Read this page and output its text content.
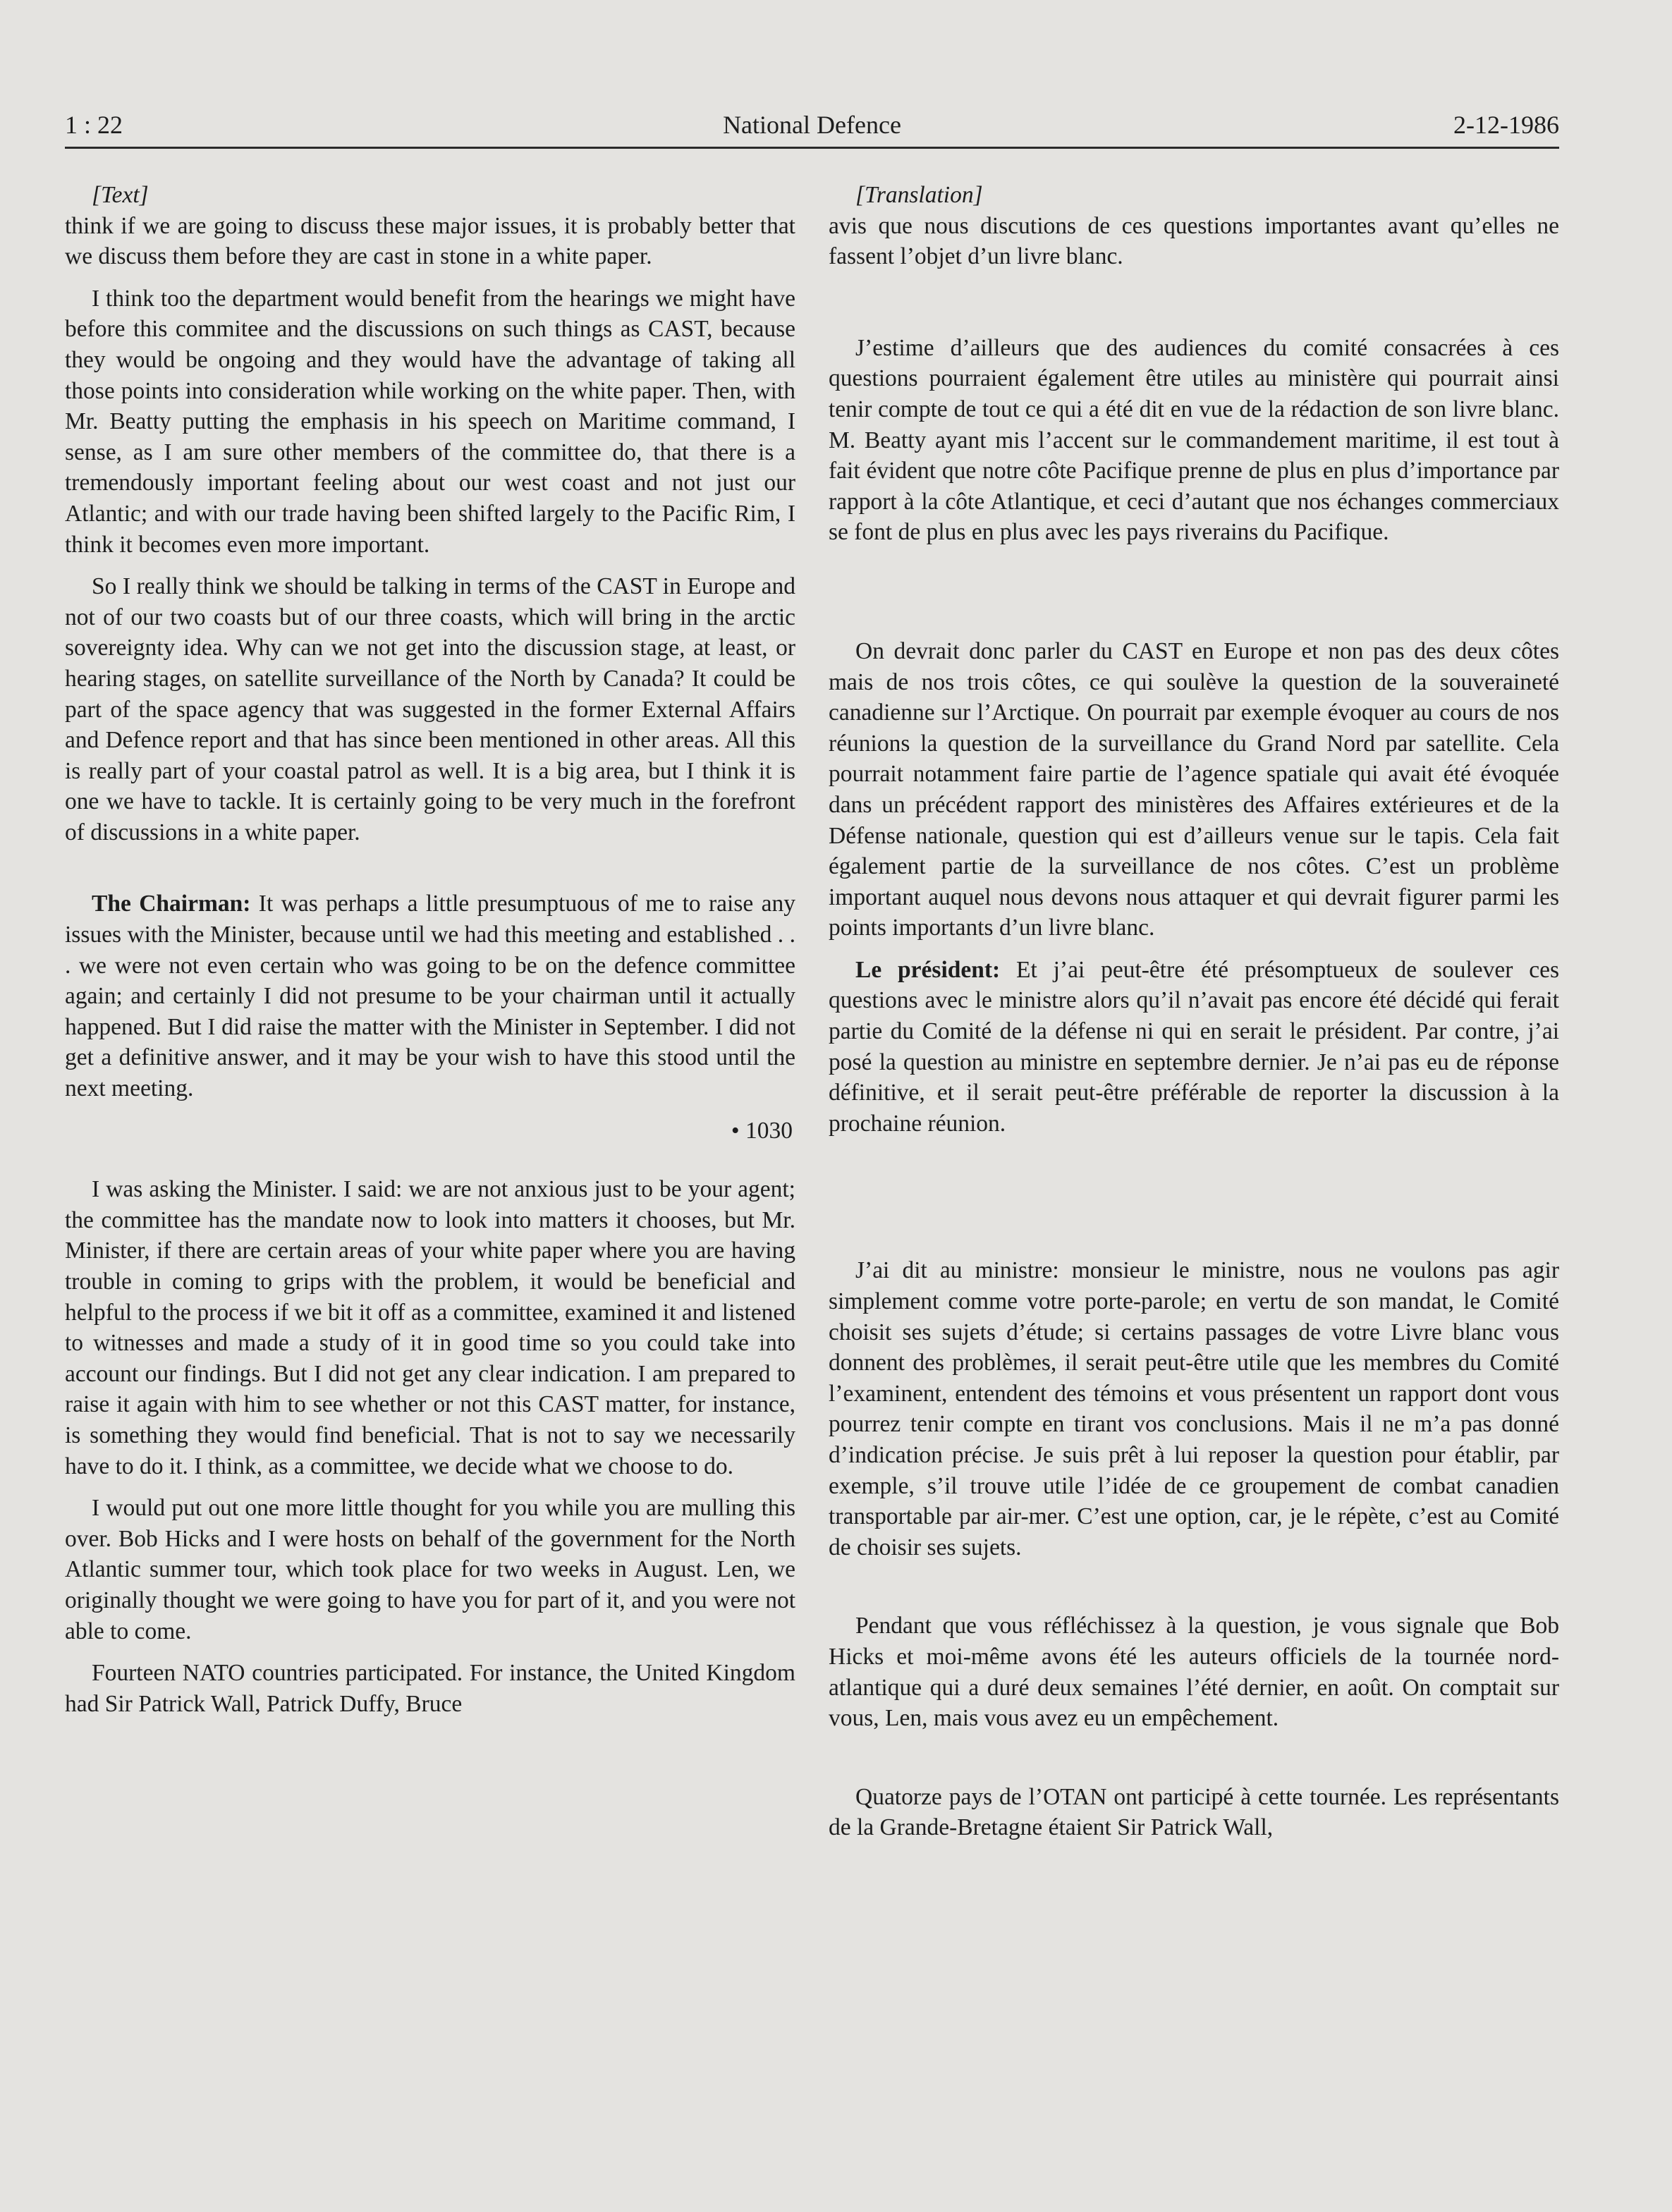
1 : 22	National Defence	2-12-1986

[Text]

think if we are going to discuss these major issues, it is probably better that we discuss them before they are cast in stone in a white paper.

I think too the department would benefit from the hearings we might have before this commitee and the discussions on such things as CAST, because they would be ongoing and they would have the advantage of taking all those points into consideration while working on the white paper. Then, with Mr. Beatty putting the emphasis in his speech on Maritime command, I sense, as I am sure other members of the committee do, that there is a tremendously important feeling about our west coast and not just our Atlantic; and with our trade having been shifted largely to the Pacific Rim, I think it becomes even more important.

So I really think we should be talking in terms of the CAST in Europe and not of our two coasts but of our three coasts, which will bring in the arctic sovereignty idea. Why can we not get into the discussion stage, at least, or hearing stages, on satellite surveillance of the North by Canada? It could be part of the space agency that was suggested in the former External Affairs and Defence report and that has since been mentioned in other areas. All this is really part of your coastal patrol as well. It is a big area, but I think it is one we have to tackle. It is certainly going to be very much in the forefront of discussions in a white paper.

The Chairman: It was perhaps a little presumptuous of me to raise any issues with the Minister, because until we had this meeting and established . . . we were not even certain who was going to be on the defence committee again; and certainly I did not presume to be your chairman until it actually happened. But I did raise the matter with the Minister in September. I did not get a definitive answer, and it may be your wish to have this stood until the next meeting.

• 1030

I was asking the Minister. I said: we are not anxious just to be your agent; the committee has the mandate now to look into matters it chooses, but Mr. Minister, if there are certain areas of your white paper where you are having trouble in coming to grips with the problem, it would be beneficial and helpful to the process if we bit it off as a committee, examined it and listened to witnesses and made a study of it in good time so you could take into account our findings. But I did not get any clear indication. I am prepared to raise it again with him to see whether or not this CAST matter, for instance, is something they would find beneficial. That is not to say we necessarily have to do it. I think, as a committee, we decide what we choose to do.

I would put out one more little thought for you while you are mulling this over. Bob Hicks and I were hosts on behalf of the government for the North Atlantic summer tour, which took place for two weeks in August. Len, we originally thought we were going to have you for part of it, and you were not able to come.

Fourteen NATO countries participated. For instance, the United Kingdom had Sir Patrick Wall, Patrick Duffy, Bruce

[Translation]

avis que nous discutions de ces questions importantes avant qu’elles ne fassent l’objet d’un livre blanc.

J’estime d’ailleurs que des audiences du comité consacrées à ces questions pourraient également être utiles au ministère qui pourrait ainsi tenir compte de tout ce qui a été dit en vue de la rédaction de son livre blanc. M. Beatty ayant mis l’accent sur le commandement maritime, il est tout à fait évident que notre côte Pacifique prenne de plus en plus d’importance par rapport à la côte Atlantique, et ceci d’autant que nos échanges commerciaux se font de plus en plus avec les pays riverains du Pacifique.

On devrait donc parler du CAST en Europe et non pas des deux côtes mais de nos trois côtes, ce qui soulève la question de la souveraineté canadienne sur l’Arctique. On pourrait par exemple évoquer au cours de nos réunions la question de la surveillance du Grand Nord par satellite. Cela pourrait notamment faire partie de l’agence spatiale qui avait été évoquée dans un précédent rapport des ministères des Affaires extérieures et de la Défense nationale, question qui est d’ailleurs venue sur le tapis. Cela fait également partie de la surveillance de nos côtes. C’est un problème important auquel nous devons nous attaquer et qui devrait figurer parmi les points importants d’un livre blanc.

Le président: Et j’ai peut-être été présomptueux de soulever ces questions avec le ministre alors qu’il n’avait pas encore été décidé qui ferait partie du Comité de la défense ni qui en serait le président. Par contre, j’ai posé la question au ministre en septembre dernier. Je n’ai pas eu de réponse définitive, et il serait peut-être préférable de reporter la discussion à la prochaine réunion.

J’ai dit au ministre: monsieur le ministre, nous ne voulons pas agir simplement comme votre porte-parole; en vertu de son mandat, le Comité choisit ses sujets d’étude; si certains passages de votre Livre blanc vous donnent des problèmes, il serait peut-être utile que les membres du Comité l’examinent, entendent des témoins et vous présentent un rapport dont vous pourrez tenir compte en tirant vos conclusions. Mais il ne m’a pas donné d’indication précise. Je suis prêt à lui reposer la question pour établir, par exemple, s’il trouve utile l’idée de ce groupement de combat canadien transportable par air-mer. C’est une option, car, je le répète, c’est au Comité de choisir ses sujets.

Pendant que vous réfléchissez à la question, je vous signale que Bob Hicks et moi-même avons été les auteurs officiels de la tournée nord-atlantique qui a duré deux semaines l’été dernier, en août. On comptait sur vous, Len, mais vous avez eu un empêchement.

Quatorze pays de l’OTAN ont participé à cette tournée. Les représentants de la Grande-Bretagne étaient Sir Patrick Wall,
